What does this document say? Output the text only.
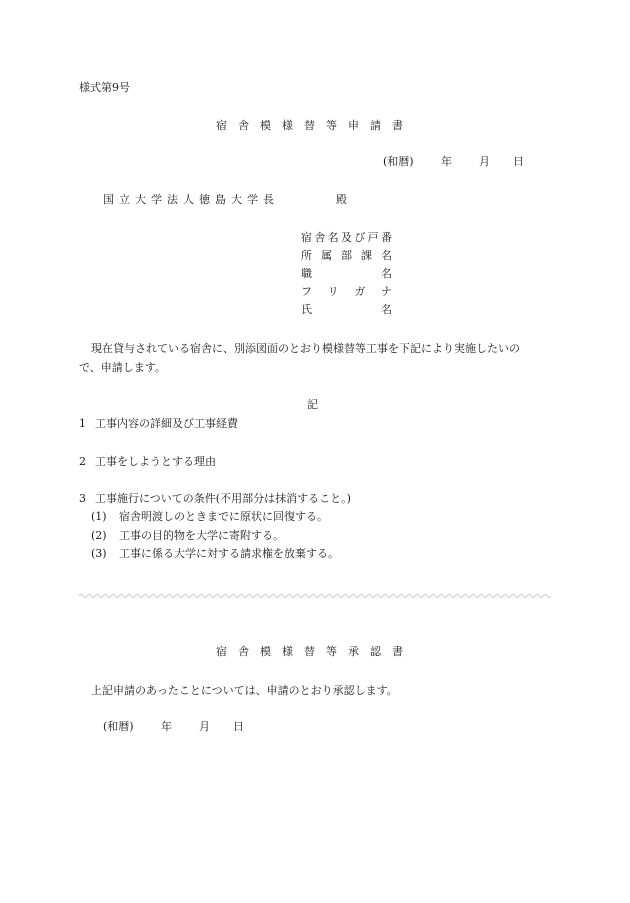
様式第9号
宿舎模様替等申請書
(和暦) 年 月 日
国立大学法人徳島大学長	殿
宿 舎 名 及 び 戸 番
所 属 部 課 名
職	名
フ リ ガ ナ
氏	名
現在貸与されている宿舎に、別添図面のとおり模様替等工事を下記により実施したいの
で、申請します。
記
1 工事内容の詳細及び工事経費
2 工事をしようとする理由
3 工事施行についての条件(不用部分は抹消すること。)
(1) 宿舎明渡しのときまでに原状に回復する。
(2) 工事の目的物を大学に寄附する。
(3) 工事に係る大学に対する請求権を放棄する。
宿舎模様替等承認書
上記申請のあったことについては、申請のとおり承認します。
(和暦) 年 月 日
